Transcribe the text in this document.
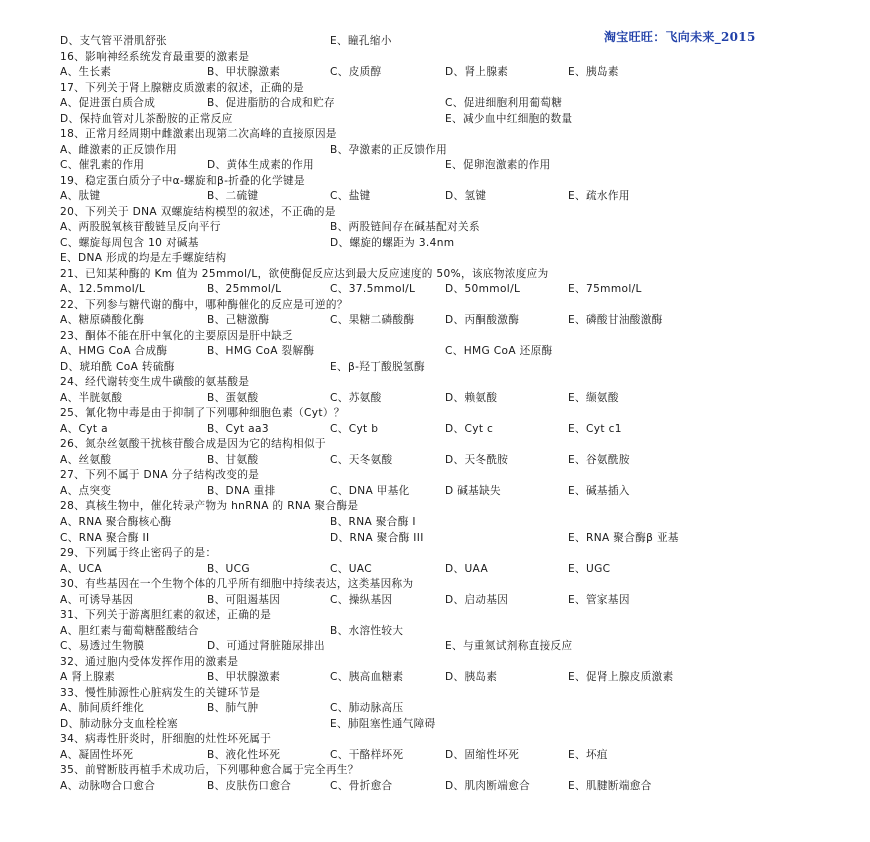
淘宝旺旺：飞向未来_2015
D、支气管平滑肌舒张	E、瞳孔缩小
16、影响神经系统发育最重要的激素是
A、生长素	B、甲状腺激素	C、皮质醇	D、肾上腺素	E、胰岛素
17、下列关于肾上腺糖皮质激素的叙述，正确的是
A、促进蛋白质合成	B、促进脂肪的合成和贮存	C、促进细胞利用葡萄糖
D、保持血管对儿茶酚胺的正常反应	E、减少血中红细胞的数量
18、正常月经周期中雌激素出现第二次高峰的直接原因是
A、雌激素的正反馈作用	B、孕激素的正反馈作用
C、催乳素的作用	D、黄体生成素的作用	E、促卵泡激素的作用
19、稳定蛋白质分子中α-螺旋和β-折叠的化学键是
A、肽键	B、二硫键	C、盐键	D、氢键	E、疏水作用
20、下列关于 DNA 双螺旋结构模型的叙述，不正确的是
A、两股脱氧核苷酸链呈反向平行	B、两股链间存在碱基配对关系
C、螺旋每周包含 10 对碱基	D、螺旋的螺距为 3.4nm
E、DNA 形成的均是左手螺旋结构
21、已知某种酶的 Km 值为 25mmol/L，欲使酶促反应达到最大反应速度的 50%，该底物浓度应为
A、12.5mmol/L	B、25mmol/L	C、37.5mmol/L	D、50mmol/L	E、75mmol/L
22、下列参与糖代谢的酶中，哪种酶催化的反应是可逆的？
A、糖原磷酸化酶	B、己糖激酶	C、果糖二磷酸酶	D、丙酮酸激酶	E、磷酸甘油酸激酶
23、酮体不能在肝中氧化的主要原因是肝中缺乏
A、HMG CoA 合成酶	B、HMG CoA 裂解酶	C、HMG CoA 还原酶
D、琥珀酰 CoA 转硫酶	E、β-羟丁酸脱氢酶
24、经代谢转变生成牛磺酸的氨基酸是
A、半胱氨酸	B、蛋氨酸	C、苏氨酸	D、赖氨酸	E、缬氨酸
25、氰化物中毒是由于抑制了下列哪种细胞色素（Cyt）？
A、Cyt a	B、Cyt aa3	C、Cyt b	D、Cyt c	E、Cyt c1
26、氮杂丝氨酸干扰核苷酸合成是因为它的结构相似于
A、丝氨酸	B、甘氨酸	C、天冬氨酸	D、天冬酰胺	E、谷氨酰胺
27、下列不属于 DNA 分子结构改变的是
A、点突变	B、DNA 重排	C、DNA 甲基化	D 碱基缺失	E、碱基插入
28、真核生物中，催化转录产物为 hnRNA 的 RNA 聚合酶是
A、RNA 聚合酶核心酶	B、RNA 聚合酶 I
C、RNA 聚合酶 II	D、RNA 聚合酶 III	E、RNA 聚合酶β 亚基
29、下列属于终止密码子的是：
A、UCA	B、UCG	C、UAC	D、UAA	E、UGC
30、有些基因在一个生物个体的几乎所有细胞中持续表达，这类基因称为
A、可诱导基因	B、可阻遏基因	C、操纵基因	D、启动基因	E、管家基因
31、下列关于游离胆红素的叙述，正确的是
A、胆红素与葡萄糖醛酸结合	B、水溶性较大
C、易透过生物膜	D、可通过肾脏随尿排出	E、与重氮试剂称直接反应
32、通过胞内受体发挥作用的激素是
A 肾上腺素	B、甲状腺激素	C、胰高血糖素	D、胰岛素	E、促肾上腺皮质激素
33、慢性肺源性心脏病发生的关键环节是
A、肺间质纤维化	B、肺气肿	C、肺动脉高压
D、肺动脉分支血栓栓塞	E、肺阻塞性通气障碍
34、病毒性肝炎时，肝细胞的灶性坏死属于
A、凝固性坏死	B、液化性坏死	C、干酪样坏死	D、固缩性坏死	E、坏疽
35、前臂断肢再植手术成功后，下列哪种愈合属于完全再生？
A、动脉吻合口愈合	B、皮肤伤口愈合	C、骨折愈合	D、肌肉断端愈合	E、肌腱断端愈合
